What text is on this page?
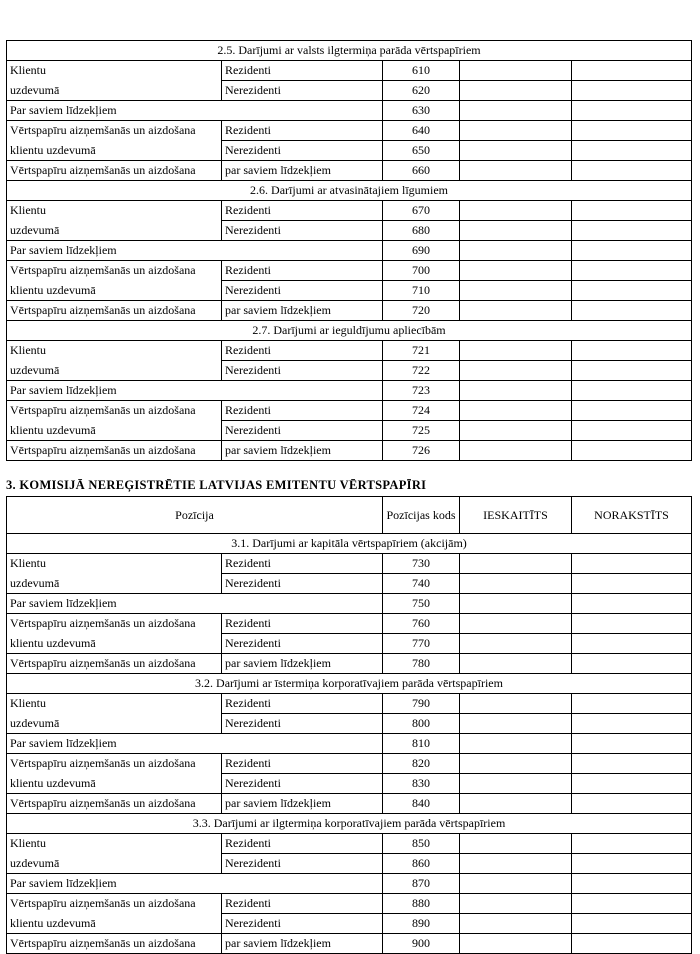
2.5. Darījumi ar valsts ilgtermiņa parāda vērtspapīriem				
Klientu	Rezidenti	610		
uzdevumā	Nerezidenti	620		
Par saviem līdzekļiem		630		
Vērtspapīru aizņemšanās un aizdošana	Rezidenti	640		
klientu uzdevumā	Nerezidenti	650		
Vērtspapīru aizņemšanās un aizdošana	par saviem līdzekļiem	660		
2.6. Darījumi ar atvasinātajiem līgumiem				
Klientu	Rezidenti	670		
uzdevumā	Nerezidenti	680		
Par saviem līdzekļiem		690		
Vērtspapīru aizņemšanās un aizdošana	Rezidenti	700		
klientu uzdevumā	Nerezidenti	710		
Vērtspapīru aizņemšanās un aizdošana	par saviem līdzekļiem	720		
2.7. Darījumi ar ieguldījumu apliecībām				
Klientu	Rezidenti	721		
uzdevumā	Nerezidenti	722		
Par saviem līdzekļiem		723		
Vērtspapīru aizņemšanās un aizdošana	Rezidenti	724		
klientu uzdevumā	Nerezidenti	725		
Vērtspapīru aizņemšanās un aizdošana	par saviem līdzekļiem	726		
3. KOMISIJĀ NEREĢISTRĒTIE LATVIJAS EMITENTU VĒRTSPAPĪRI
Pozīcija		Pozīcijas kods	IESKAITĪTS	NORAKSTĪTS
3.1. Darījumi ar kapitāla vērtspapīriem (akcijām)				
Klientu	Rezidenti	730		
uzdevumā	Nerezidenti	740		
Par saviem līdzekļiem		750		
Vērtspapīru aizņemšanās un aizdošana	Rezidenti	760		
klientu uzdevumā	Nerezidenti	770		
Vērtspapīru aizņemšanās un aizdošana	par saviem līdzekļiem	780		
3.2. Darījumi ar īstermiņa korporatīvajiem parāda vērtspapīriem				
Klientu	Rezidenti	790		
uzdevumā	Nerezidenti	800		
Par saviem līdzekļiem		810		
Vērtspapīru aizņemšanās un aizdošana	Rezidenti	820		
klientu uzdevumā	Nerezidenti	830		
Vērtspapīru aizņemšanās un aizdošana	par saviem līdzekļiem	840		
3.3. Darījumi ar ilgtermiņa korporatīvajiem parāda vērtspapīriem				
Klientu	Rezidenti	850		
uzdevumā	Nerezidenti	860		
Par saviem līdzekļiem		870		
Vērtspapīru aizņemšanās un aizdošana	Rezidenti	880		
klientu uzdevumā	Nerezidenti	890		
Vērtspapīru aizņemšanās un aizdošana	par saviem līdzekļiem	900		
